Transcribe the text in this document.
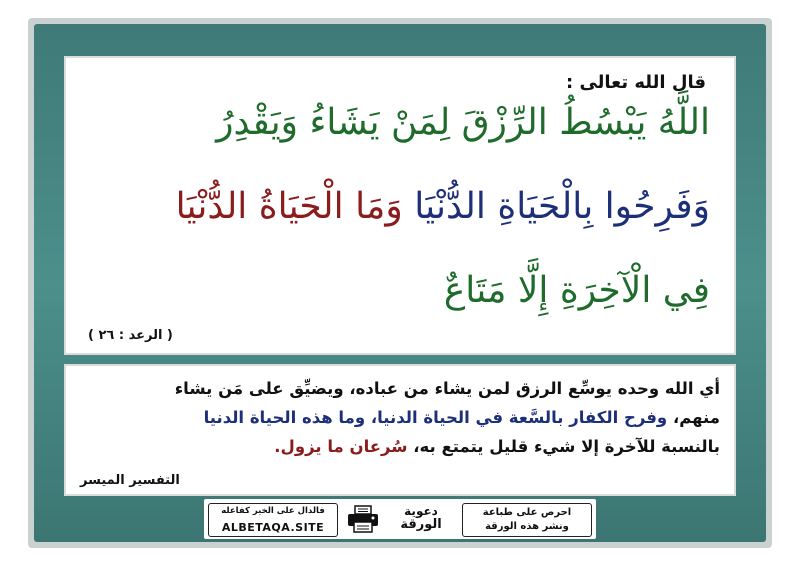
قال الله تعالى :
اللَّهُ يَبْسُطُ الرِّزْقَ لِمَنْ يَشَاءُ وَيَقْدِرُ
وَفَرِحُوا بِالْحَيَاةِ الدُّنْيَا وَمَا الْحَيَاةُ الدُّنْيَا
فِي الْآخِرَةِ إِلَّا مَتَاعٌ
( الرعد : ٢٦ )
أي الله وحده يوسِّع الرزق لمن يشاء من عباده، ويضيِّق على مَن يشاء
منهم، وفرح الكفار بالسَّعة في الحياة الدنيا، وما هذه الحياة الدنيا
بالنسبة للآخرة إلا شيء قليل يتمتع به، سُرعان ما يزول.
التفسير الميسر
فالدال على الخير كفاعله
ALBETAQA.SITE
دعوية
الورقة
احرص على طباعة
ونشر هذه الورقة
